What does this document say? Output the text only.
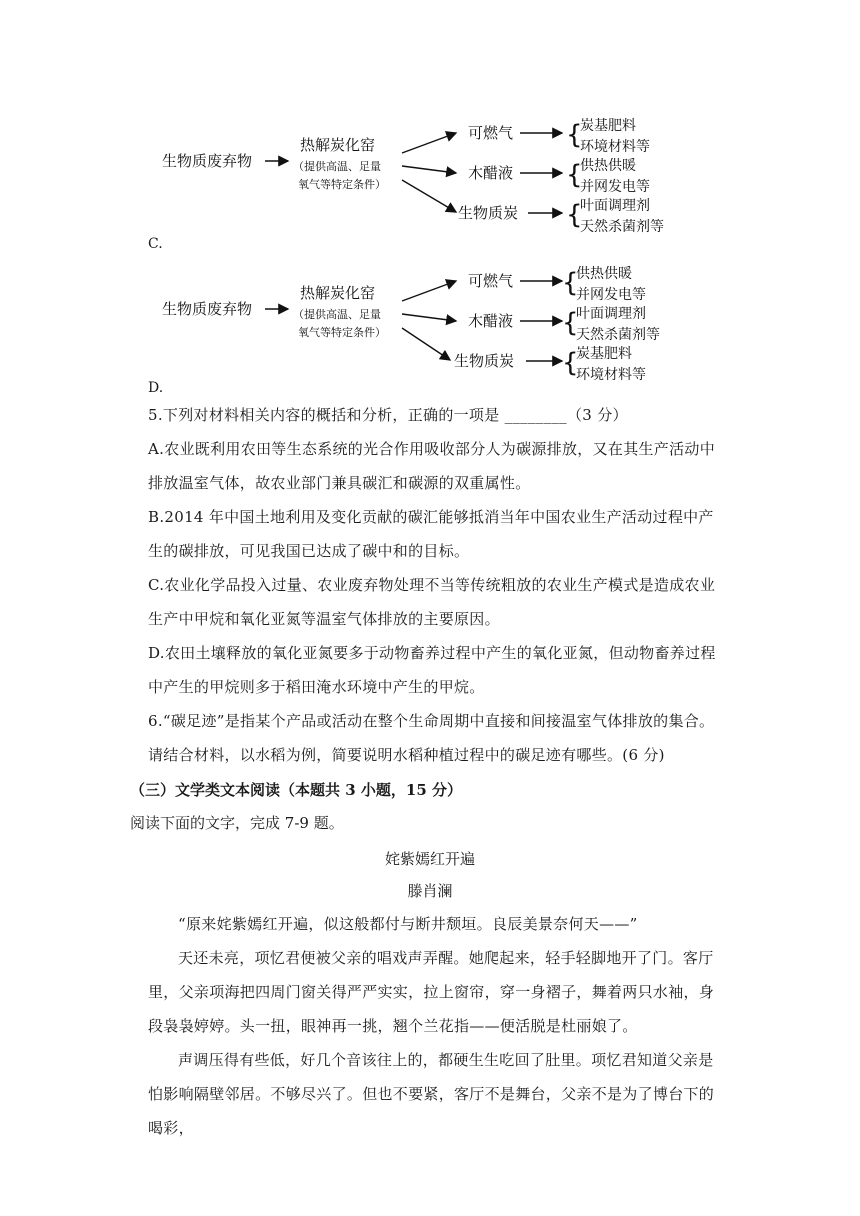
生物质废弃物
热解炭化窑
（提供高温、足量
氧气等特定条件）
可燃气
木醋液
生物质炭
{
{
{
炭基肥料
环境材料等
供热供暖
并网发电等
叶面调理剂
天然杀菌剂等
C.
生物质废弃物
热解炭化窑
（提供高温、足量
氧气等特定条件）
可燃气
木醋液
生物质炭
{
{
{
供热供暖
并网发电等
叶面调理剂
天然杀菌剂等
炭基肥料
环境材料等
D.
5.下列对材料相关内容的概括和分析，正确的一项是 ________（3 分）
A.农业既利用农田等生态系统的光合作用吸收部分人为碳源排放，又在其生产活动中排放温室气体，故农业部门兼具碳汇和碳源的双重属性。
B.2014 年中国土地利用及变化贡献的碳汇能够抵消当年中国农业生产活动过程中产生的碳排放，可见我国已达成了碳中和的目标。
C.农业化学品投入过量、农业废弃物处理不当等传统粗放的农业生产模式是造成农业生产中甲烷和氧化亚氮等温室气体排放的主要原因。
D.农田土壤释放的氧化亚氮要多于动物畜养过程中产生的氧化亚氮，但动物畜养过程中产生的甲烷则多于稻田淹水环境中产生的甲烷。
6.“碳足迹”是指某个产品或活动在整个生命周期中直接和间接温室气体排放的集合。请结合材料，以水稻为例，简要说明水稻种植过程中的碳足迹有哪些。(6 分)
（三）文学类文本阅读（本题共 3 小题，15 分）
阅读下面的文字，完成 7-9 题。
姹紫嫣红开遍
滕肖澜
“原来姹紫嫣红开遍，似这般都付与断井颓垣。良辰美景奈何天——”
天还未亮，项忆君便被父亲的唱戏声弄醒。她爬起来，轻手轻脚地开了门。客厅里，父亲项海把四周门窗关得严严实实，拉上窗帘，穿一身褶子，舞着两只水袖，身段袅袅婷婷。头一扭，眼神再一挑，翘个兰花指——便活脱是杜丽娘了。
声调压得有些低，好几个音该往上的，都硬生生吃回了肚里。项忆君知道父亲是怕影响隔壁邻居。不够尽兴了。但也不要紧，客厅不是舞台，父亲不是为了博台下的喝彩，
